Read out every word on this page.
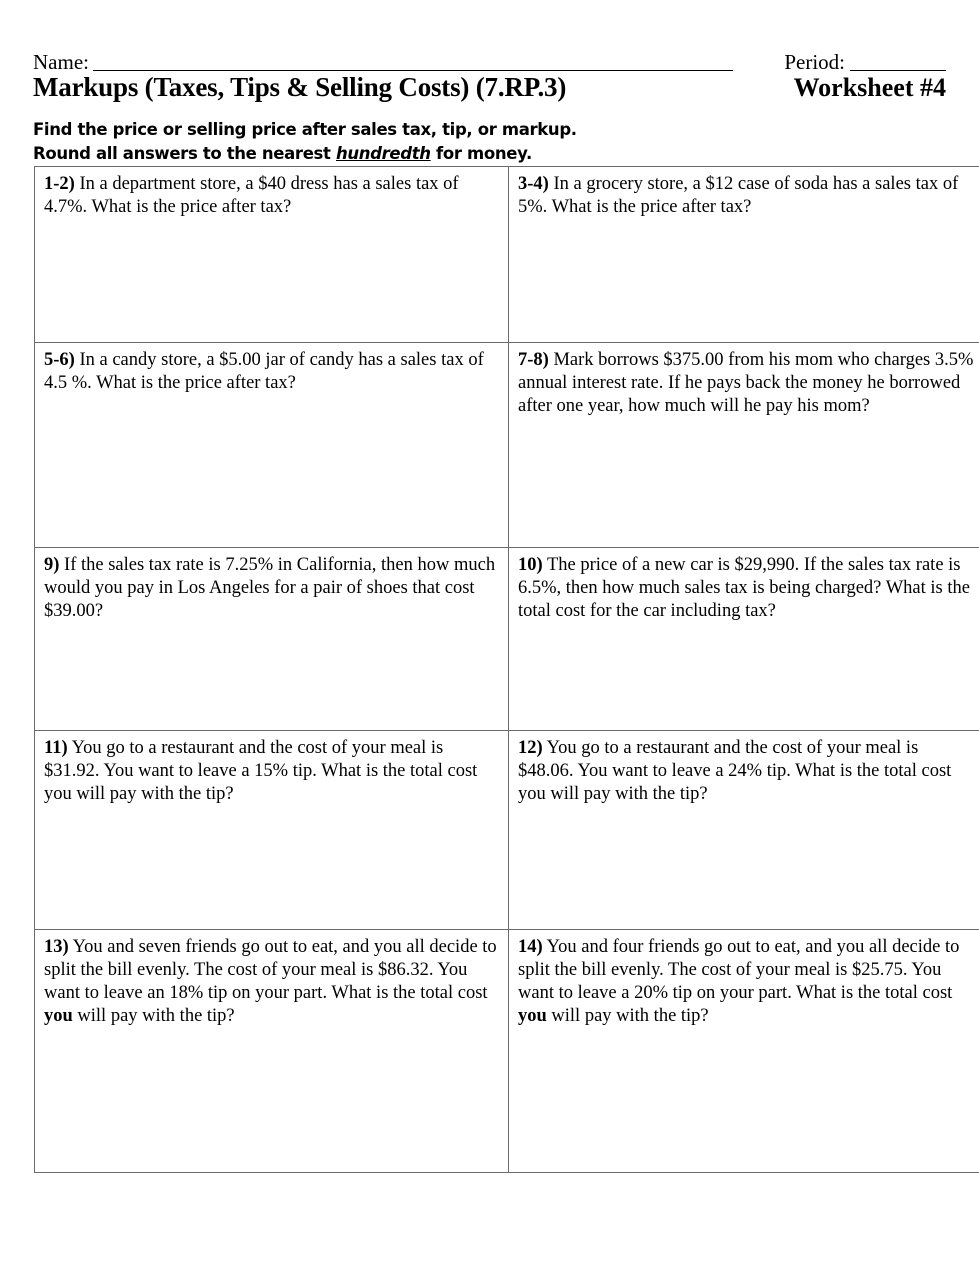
Name:	Period:
Markups (Taxes, Tips & Selling Costs) (7.RP.3)	Worksheet #4
Find the price or selling price after sales tax, tip, or markup.
Round all answers to the nearest hundredth for money.
1-2) In a department store, a $40 dress has a sales tax of 4.7%. What is the price after tax?	3-4) In a grocery store, a $12 case of soda has a sales tax of 5%. What is the price after tax?
5-6) In a candy store, a $5.00 jar of candy has a sales tax of 4.5 %. What is the price after tax?	7-8) Mark borrows $375.00 from his mom who charges 3.5% annual interest rate. If he pays back the money he borrowed after one year, how much will he pay his mom?
9) If the sales tax rate is 7.25% in California, then how much would you pay in Los Angeles for a pair of shoes that cost $39.00?	10) The price of a new car is $29,990. If the sales tax rate is 6.5%, then how much sales tax is being charged? What is the total cost for the car including tax?
11) You go to a restaurant and the cost of your meal is $31.92. You want to leave a 15% tip. What is the total cost you will pay with the tip?	12) You go to a restaurant and the cost of your meal is $48.06. You want to leave a 24% tip. What is the total cost you will pay with the tip?
13) You and seven friends go out to eat, and you all decide to split the bill evenly. The cost of your meal is $86.32. You want to leave an 18% tip on your part. What is the total cost you will pay with the tip?	14) You and four friends go out to eat, and you all decide to split the bill evenly. The cost of your meal is $25.75. You want to leave a 20% tip on your part. What is the total cost you will pay with the tip?
